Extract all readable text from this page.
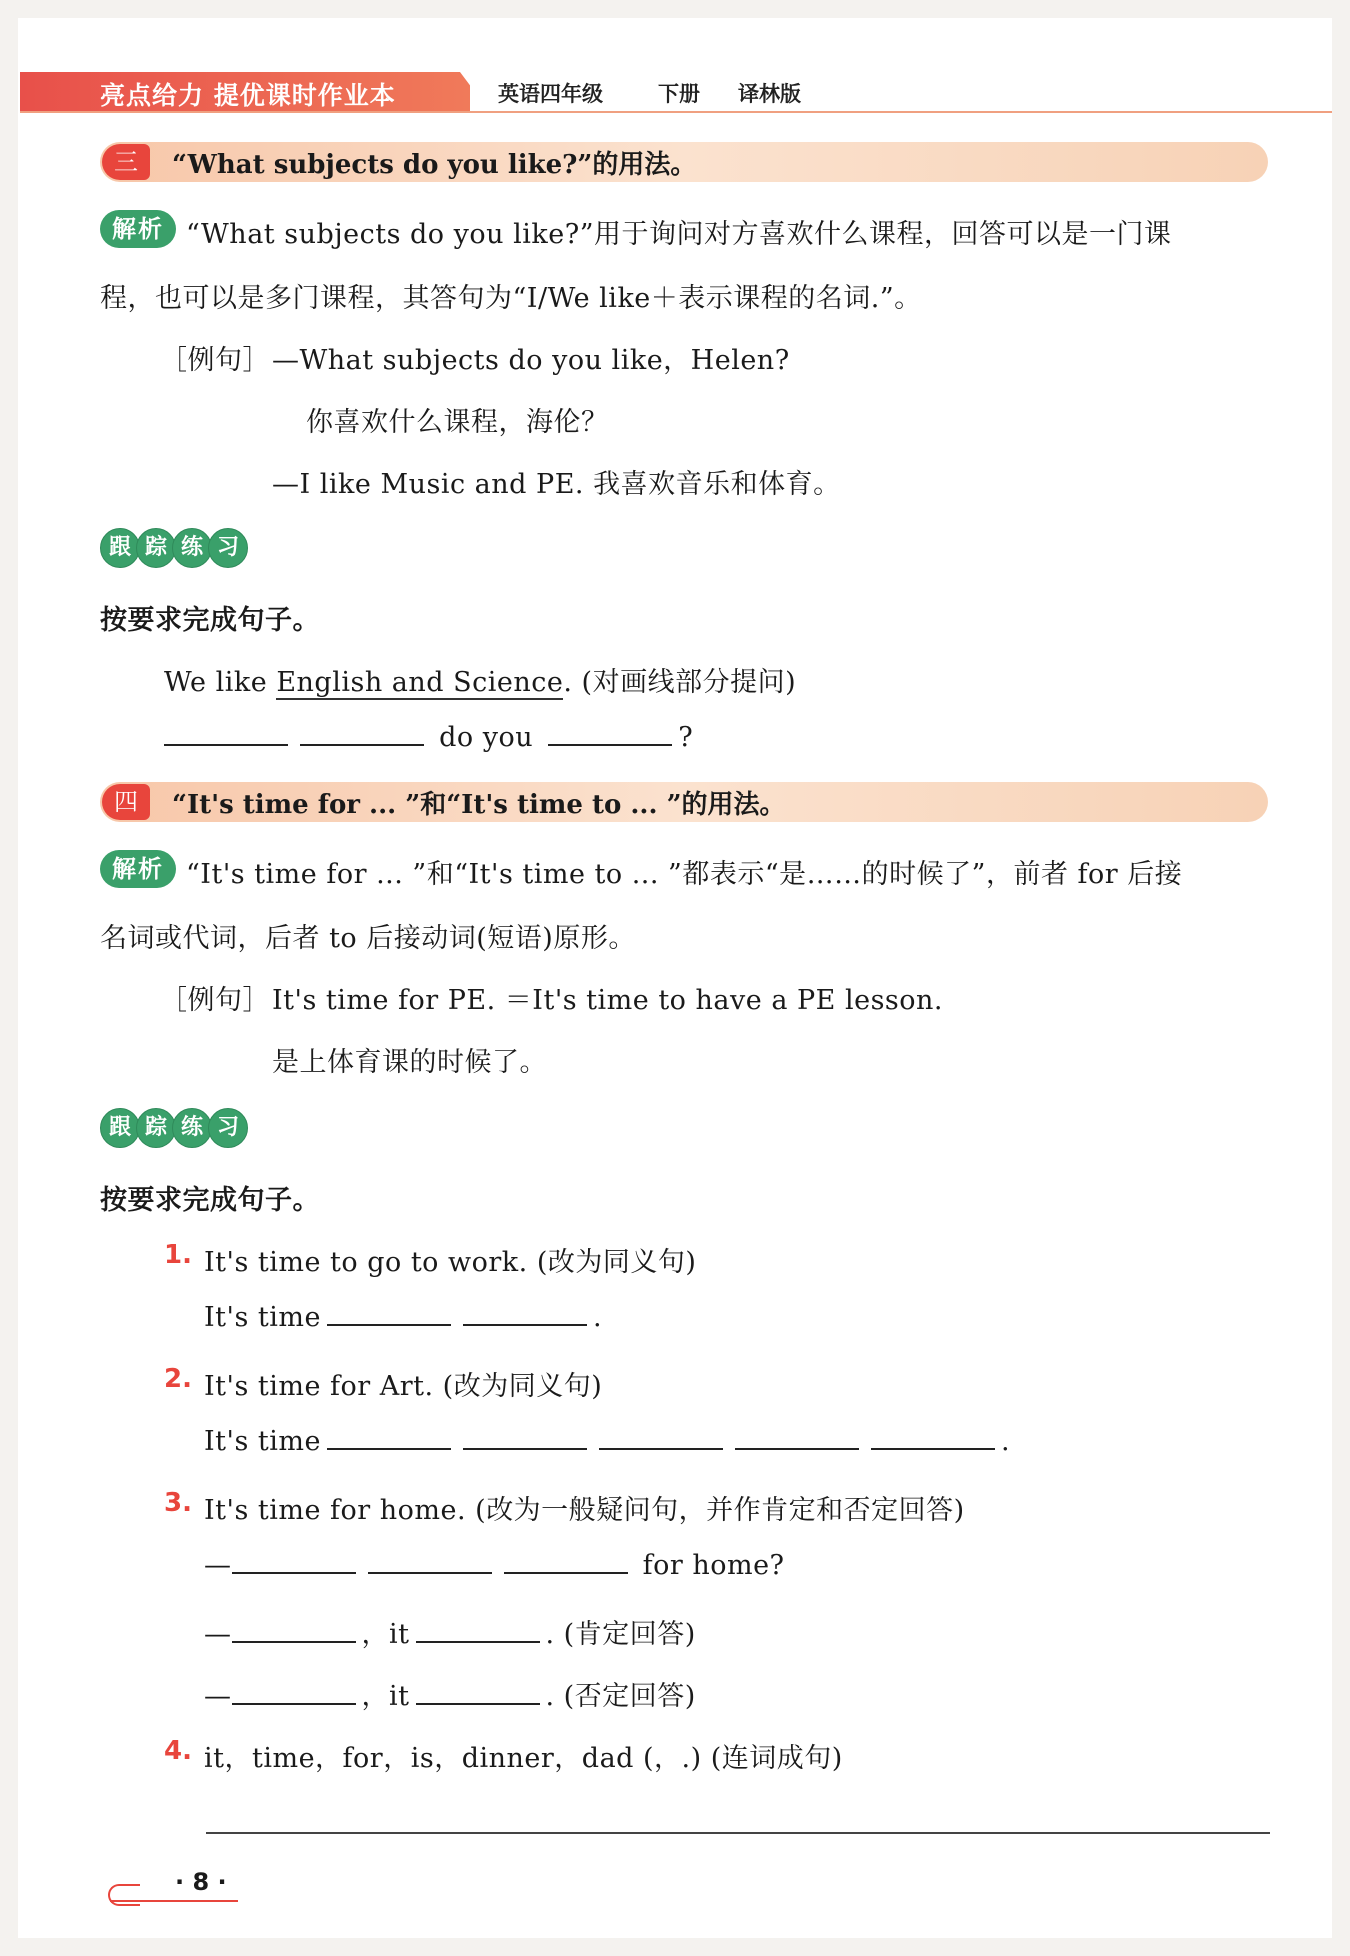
亮点给力 提优课时作业本	英语四年级	下册 译林版
三	“What subjects do you like?”的用法。
解析 “What subjects do you like?”用于询问对方喜欢什么课程，回答可以是一门课
程，也可以是多门课程，其答句为“I/We like＋表示课程的名词.”。
［例句］ —What subjects do you like，Helen?
你喜欢什么课程，海伦？
—I like Music and PE. 我喜欢音乐和体育。
跟 踪 练 习
按要求完成句子。
We like English and Science. (对画线部分提问)
do you	?
四	“It's time for ... ”和“It's time to ... ”的用法。
解析 “It's time for ... ”和“It's time to ... ”都表示“是……的时候了”，前者 for 后接
名词或代词，后者 to 后接动词(短语)原形。
［例句］ It's time for PE. ＝It's time to have a PE lesson.
是上体育课的时候了。
跟 踪 练 习
按要求完成句子。
1. It's time to go to work. (改为同义句)
It's time	.
2. It's time for Art. (改为同义句)
It's time	.
3. It's time for home. (改为一般疑问句，并作肯定和否定回答)
—	for home?
—	，it	. (肯定回答)
—	，it	. (否定回答)
4. it，time，for，is，dinner，dad (，.) (连词成句)
· 8 ·
